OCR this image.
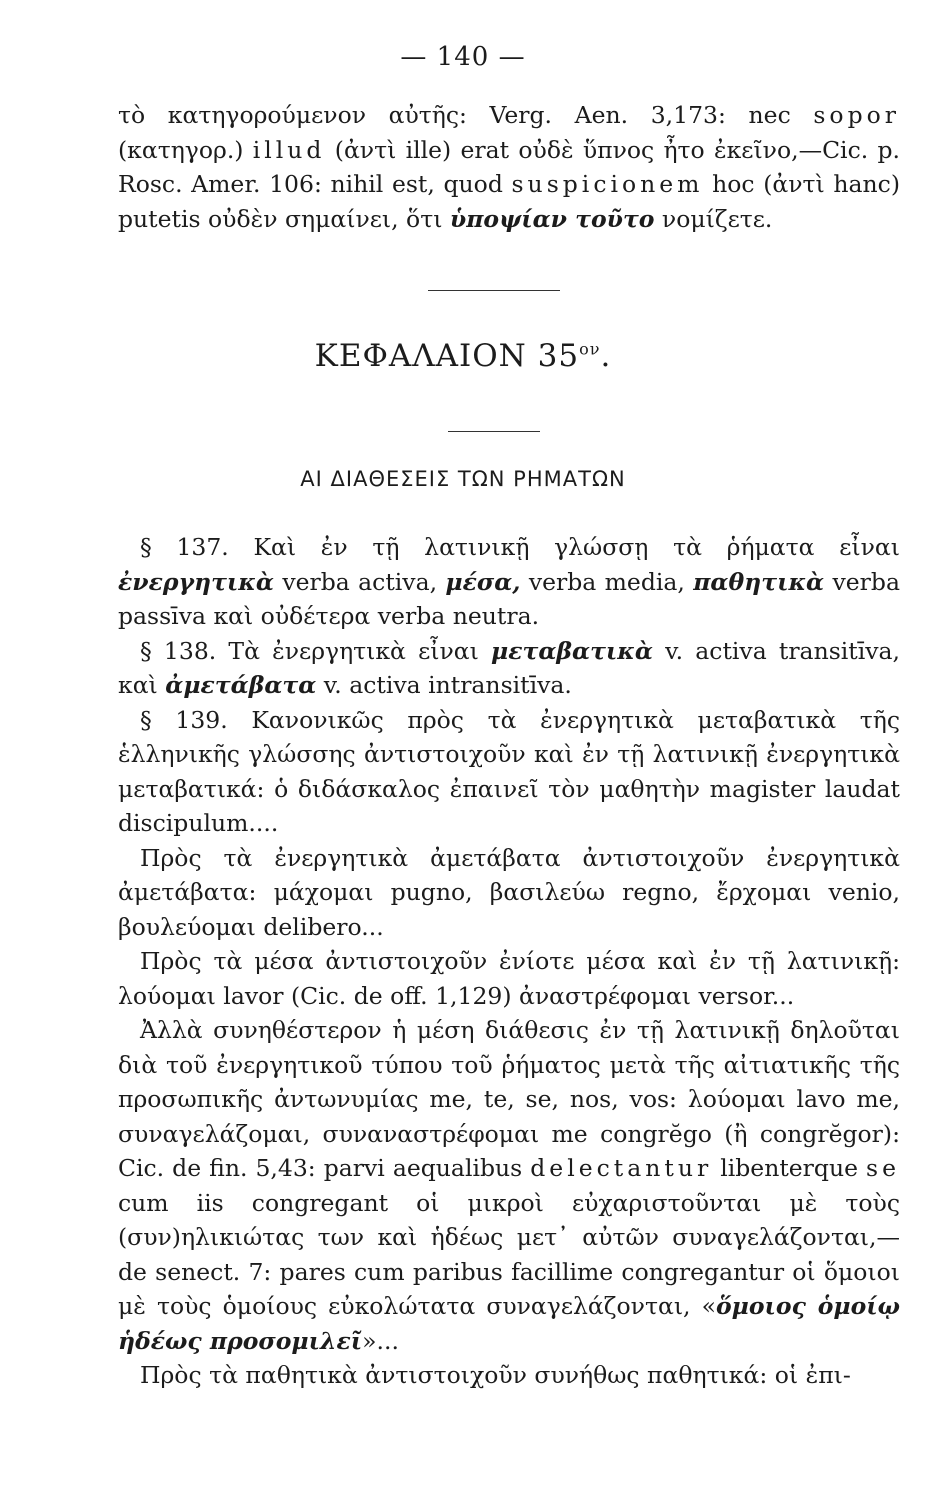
— 140 —

τὸ κατηγορούμενον αὐτῆς: Verg. Aen. 3,173: nec sopor (κατηγορ.) illud (ἀντὶ ille) erat οὐδὲ ὕπνος ἦτο ἐκεῖνο,—Cic. p. Rosc. Amer. 106: nihil est, quod suspicionem hoc (ἀντὶ hanc) putetis οὐδὲν σημαίνει, ὅτι ὑποψίαν τοῦτο νομίζετε.

ΚΕΦΑΛΑΙΟΝ $35^{o\nu}$.
ΑΙ ΔΙΑΘΕΣΕΙΣ ΤΩΝ ΡΗΜΑΤΩΝ

§ 137. Καὶ ἐν τῇ λατινικῇ γλώσσῃ τὰ ῥήματα εἶναι ἐνεργητικὰ verba activa, μέσα, verba media, παθητικὰ verba passīva καὶ οὐδέτερα verba neutra.

§ 138. Τὰ ἐνεργητικὰ εἶναι μεταβατικὰ v. activa transitīva, καὶ ἀμετάβατα v. activa intransitīva.

§ 139. Κανονικῶς πρὸς τὰ ἐνεργητικὰ μεταβατικὰ τῆς ἑλληνικῆς γλώσσης ἀντιστοιχοῦν καὶ ἐν τῇ λατινικῇ ἐνεργητικὰ μεταβατικά: ὁ διδάσκαλος ἐπαινεῖ τὸν μαθητὴν magister laudat discipulum....

Πρὸς τὰ ἐνεργητικὰ ἀμετάβατα ἀντιστοιχοῦν ἐνεργητικὰ ἀμετάβατα: μάχομαι pugno, βασιλεύω regno, ἔρχομαι venio, βουλεύομαι delibero...

Πρὸς τὰ μέσα ἀντιστοιχοῦν ἐνίοτε μέσα καὶ ἐν τῇ λατινικῇ: λούομαι lavor (Cic. de off. 1,129) ἀναστρέφομαι versor...

Ἀλλὰ συνηθέστερον ἡ μέση διάθεσις ἐν τῇ λατινικῇ δηλοῦται διὰ τοῦ ἐνεργητικοῦ τύπου τοῦ ῥήματος μετὰ τῆς αἰτιατικῆς τῆς προσωπικῆς ἀντωνυμίας me, te, se, nos, vos: λούομαι lavo me, συναγελάζομαι, συναναστρέφομαι me congrĕgo (ἢ congrĕgor): Cic. de fin. 5,43: parvi aequalibus delectantur libenterque se cum iis congregant οἱ μικροὶ εὐχαριστοῦνται μὲ τοὺς (συν)ηλικιώτας των καὶ ἡδέως μετ᾽ αὐτῶν συναγελάζονται,— de senect. 7: pares cum paribus facillime congregantur οἱ ὅμοιοι μὲ τοὺς ὁμοίους εὐκολώτατα συναγελάζονται, «ὅμοιος ὁμοίῳ ἡδέως προσομιλεῖ»...

Πρὸς τὰ παθητικὰ ἀντιστοιχοῦν συνήθως παθητικά: οἱ ἐπι-
